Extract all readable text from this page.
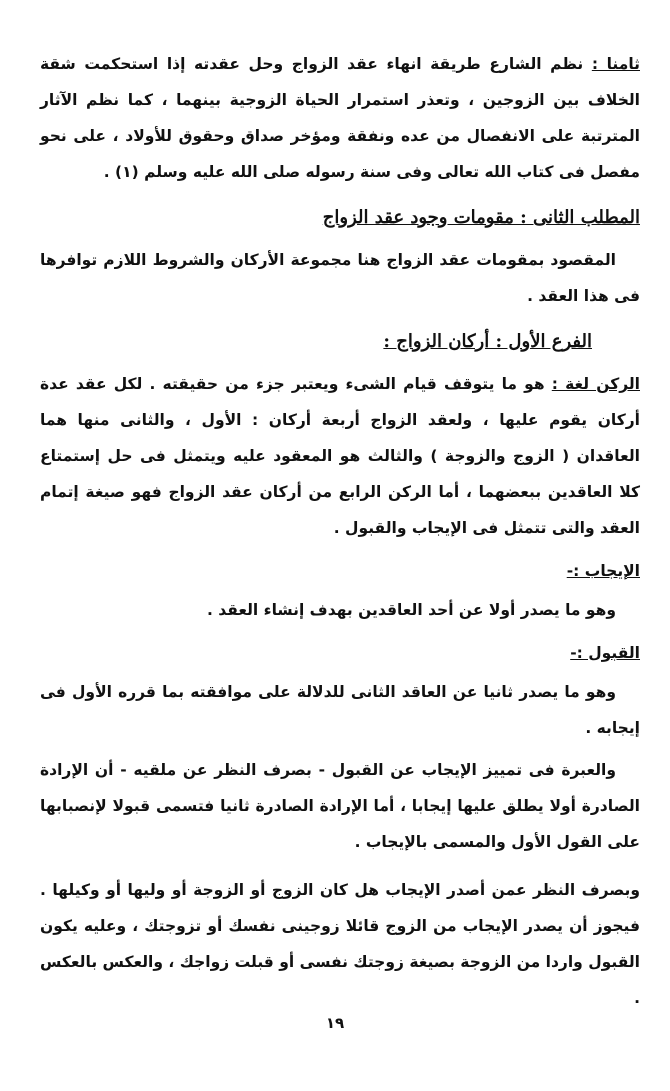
ثامنا : نظم الشارع طريقة انهاء عقد الزواج وحل عقدته إذا استحكمت شقة الخلاف بين الزوجين ، وتعذر استمرار الحياة الزوجية بينهما ، كما نظم الآثار المترتبة على الانفصال من عده ونفقة ومؤخر صداق وحقوق للأولاد ، على نحو مفصل فى كتاب الله تعالى وفى سنة رسوله صلى الله عليه وسلم (١) .

المطلب الثانى : مقومات وجود عقد الزواج

المقصود بمقومات عقد الزواج هنا مجموعة الأركان والشروط اللازم توافرها فى هذا العقد .

الفرع الأول : أركان الزواج :

الركن لغة : هو ما يتوقف قيام الشىء ويعتبر جزء من حقيقته . لكل عقد عدة أركان يقوم عليها ، ولعقد الزواج أربعة أركان : الأول ، والثانى منها هما العاقدان ( الزوج والزوجة ) والثالث هو المعقود عليه ويتمثل فى حل إستمتاع كلا العاقدين ببعضهما ، أما الركن الرابع من أركان عقد الزواج فهو صيغة إتمام العقد والتى تتمثل فى الإيجاب والقبول .

الإيجاب :-

وهو ما يصدر أولا عن أحد العاقدين بهدف إنشاء العقد .

القبول :-

وهو ما يصدر ثانيا عن العاقد الثانى للدلالة على موافقته بما قرره الأول فى إيجابه .

والعبرة فى تمييز الإيجاب عن القبول - بصرف النظر عن ملقيه - أن الإرادة الصادرة أولا يطلق عليها إيجابا ، أما الإرادة الصادرة ثانيا فتسمى قبولا لإنصبابها على القول الأول والمسمى بالإيجاب .

وبصرف النظر عمن أصدر الإيجاب هل كان الزوج أو الزوجة أو وليها أو وكيلها . فيجوز أن يصدر الإيجاب من الزوج قائلا زوجينى نفسك أو تزوجتك ، وعليه يكون القبول واردا من الزوجة بصيغة زوجتك نفسى أو قبلت زواجك ، والعكس بالعكس .

١٩
